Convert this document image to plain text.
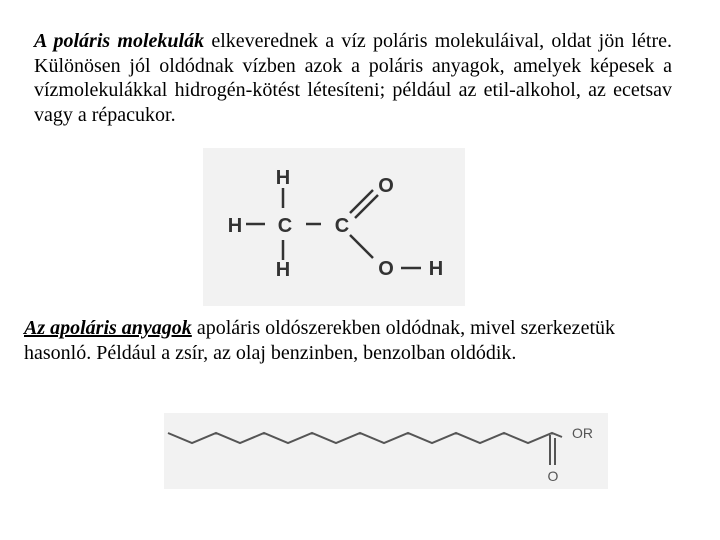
A poláris molekulák elkeverednek a víz poláris molekuláival, oldat jön létre. Különösen jól oldódnak vízben azok a poláris anyagok, amelyek képesek a vízmolekulákkal hidrogén-kötést létesíteni; például az etil-alkohol, az ecetsav vagy a répacukor.

H
H C
H
C
O
O H

Az apoláris anyagok apoláris oldószerekben oldódnak, mivel szerkezetük hasonló. Például a zsír, az olaj benzinben, benzolban oldódik.

OR
O
